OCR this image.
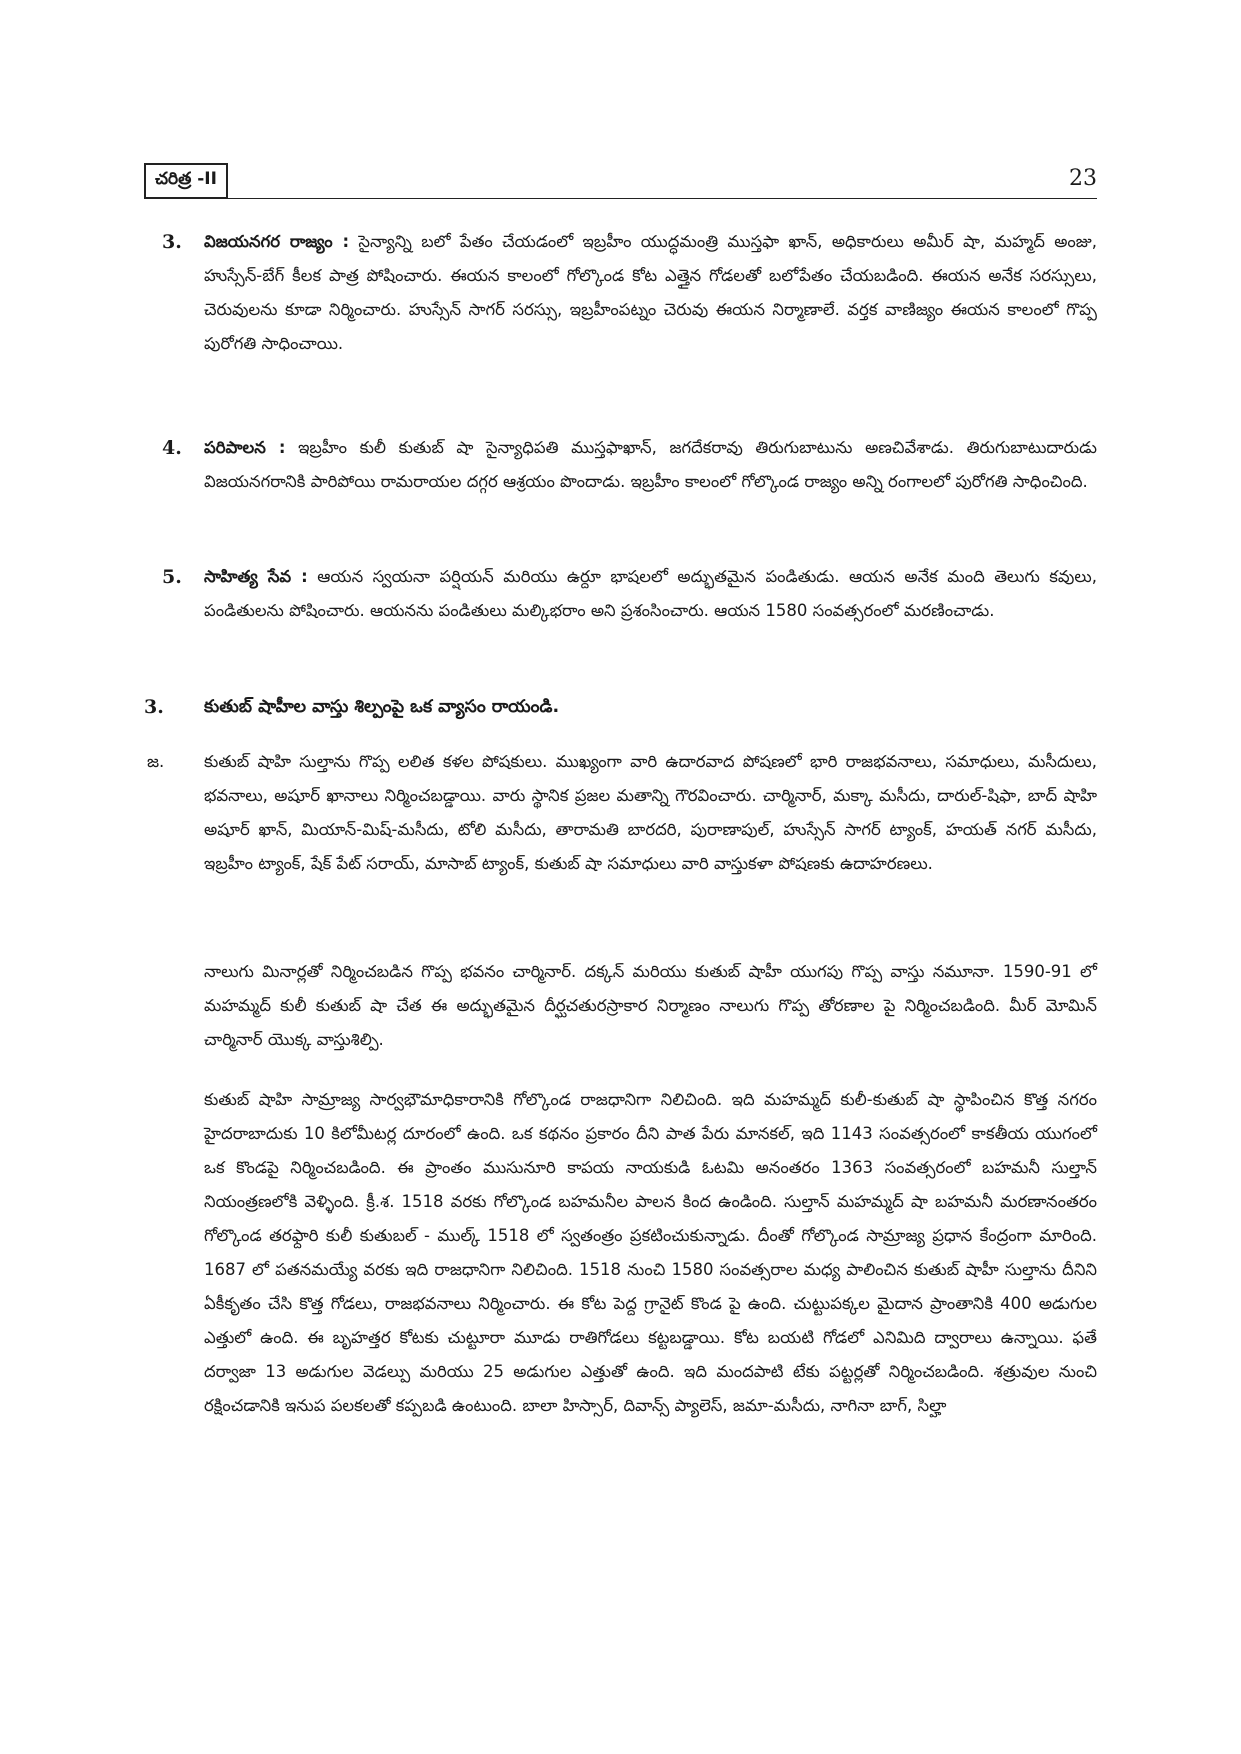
చరిత్ర -II	23
3. విజయనగర రాజ్యం : సైన్యాన్ని బలో పేతం చేయడంలో ఇబ్రహీం యుద్ధమంత్రి ముస్తఫా ఖాన్, అధికారులు అమీర్ షా, మహ్మద్ అంజు, హుస్సేన్-బేగ్ కీలక పాత్ర పోషించారు. ఈయన కాలంలో గోల్కొండ కోట ఎత్తైన గోడలతో బలోపేతం చేయబడింది. ఈయన అనేక సరస్సులు, చెరువులను కూడా నిర్మించారు. హుస్సేన్ సాగర్ సరస్సు, ఇబ్రహీంపట్నం చెరువు ఈయన నిర్మాణాలే. వర్తక వాణిజ్యం ఈయన కాలంలో గొప్ప పురోగతి సాధించాయి.
4. పరిపాలన : ఇబ్రహీం కులీ కుతుబ్ షా సైన్యాధిపతి ముస్తఫాఖాన్, జగదేకరావు తిరుగుబాటును అణచివేశాడు. తిరుగుబాటుదారుడు విజయనగరానికి పారిపోయి రామరాయల దగ్గర ఆశ్రయం పొందాడు. ఇబ్రహీం కాలంలో గోల్కొండ రాజ్యం అన్ని రంగాలలో పురోగతి సాధించింది.
5. సాహిత్య సేవ : ఆయన స్వయనా పర్షియన్ మరియు ఉర్దూ భాషలలో అద్భుతమైన పండితుడు. ఆయన అనేక మంది తెలుగు కవులు, పండితులను పోషించారు. ఆయనను పండితులు మల్కిభరాం అని ప్రశంసించారు. ఆయన 1580 సంవత్సరంలో మరణించాడు.
3. కుతుబ్ షాహీల వాస్తు శిల్పంపై ఒక వ్యాసం రాయండి.
జ. కుతుబ్ షాహి సుల్తాను గొప్ప లలిత కళల పోషకులు. ముఖ్యంగా వారి ఉదారవాద పోషణలో భారి రాజభవనాలు, సమాధులు, మసీదులు, భవనాలు, అషూర్ ఖానాలు నిర్మించబడ్డాయి. వారు స్థానిక ప్రజల మతాన్ని గౌరవించారు. చార్మినార్, మక్కా మసీదు, దారుల్-షిఫా, బాద్ షాహి అషూర్ ఖాన్, మియాన్-మిష్-మసీదు, టోలి మసీదు, తారామతి బారదరి, పురాణాపుల్, హుస్సేన్ సాగర్ ట్యాంక్, హయత్ నగర్ మసీదు, ఇబ్రహీం ట్యాంక్, షేక్ పేట్ సరాయ్, మాసాబ్ ట్యాంక్, కుతుబ్ షా సమాధులు వారి వాస్తుకళా పోషణకు ఉదాహరణలు.
నాలుగు మినార్లతో నిర్మించబడిన గొప్ప భవనం చార్మినార్. దక్కన్ మరియు కుతుబ్ షాహీ యుగపు గొప్ప వాస్తు నమూనా. 1590-91 లో మహమ్మద్ కులీ కుతుబ్ షా చేత ఈ అద్భుతమైన దీర్ఘచతురస్రాకార నిర్మాణం నాలుగు గొప్ప తోరణాల పై నిర్మించబడింది. మీర్ మోమిన్ చార్మినార్ యొక్క వాస్తుశిల్పి.
కుతుబ్ షాహి సామ్రాజ్య సార్వభౌమాధికారానికి గోల్కొండ రాజధానిగా నిలిచింది. ఇది మహమ్మద్ కులీ-కుతుబ్ షా స్థాపించిన కొత్త నగరం హైదరాబాదుకు 10 కిలోమీటర్ల దూరంలో ఉంది. ఒక కథనం ప్రకారం దీని పాత పేరు మానకల్, ఇది 1143 సంవత్సరంలో కాకతీయ యుగంలో ఒక కొండపై నిర్మించబడింది. ఈ ప్రాంతం ముసునూరి కాపయ నాయకుడి ఓటమి అనంతరం 1363 సంవత్సరంలో బహమనీ సుల్తాన్ నియంత్రణలోకి వెళ్ళింది. క్రీ.శ. 1518 వరకు గోల్కొండ బహమనీల పాలన కింద ఉండింది. సుల్తాన్ మహమ్మద్ షా బహమనీ మరణానంతరం గోల్కొండ తరఫ్దారి కులీ కుతుబల్ - ముల్క్ 1518 లో స్వతంత్రం ప్రకటించుకున్నాడు. దీంతో గోల్కొండ సామ్రాజ్య ప్రధాన కేంద్రంగా మారింది. 1687 లో పతనమయ్యే వరకు ఇది రాజధానిగా నిలిచింది. 1518 నుంచి 1580 సంవత్సరాల మధ్య పాలించిన కుతుబ్ షాహీ సుల్తాను దీనిని ఏకీకృతం చేసి కొత్త గోడలు, రాజభవనాలు నిర్మించారు. ఈ కోట పెద్ద గ్రానైట్ కొండ పై ఉంది. చుట్టుపక్కల మైదాన ప్రాంతానికి 400 అడుగుల ఎత్తులో ఉంది. ఈ బృహత్తర కోటకు చుట్టూరా మూడు రాతిగోడలు కట్టబడ్డాయి. కోట బయటి గోడలో ఎనిమిది ద్వారాలు ఉన్నాయి. ఫతే దర్వాజా 13 అడుగుల వెడల్పు మరియు 25 అడుగుల ఎత్తుతో ఉంది. ఇది మందపాటి టేకు పట్టర్లతో నిర్మించబడింది. శత్రువుల నుంచి రక్షించడానికి ఇనుప పలకలతో కప్పబడి ఉంటుంది. బాలా హిస్సార్, దివాన్స్ ప్యాలెస్, జమా-మసీదు, నాగినా బాగ్, సిల్హా
